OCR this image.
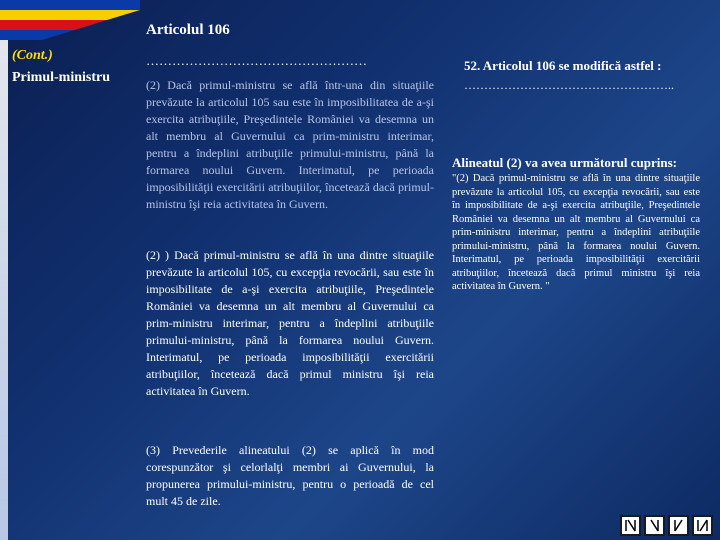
(Cont.)
Primul-ministru
Articolul 106
……………………………………………
(2) Dacă primul-ministru se află într-una din situaţiile prevăzute la articolul 105 sau este în imposibilitatea de a-şi exercita atribuţiile, Preşedintele României va desemna un alt membru al Guvernului ca prim-ministru interimar, pentru a îndeplini atribuţiile primului-ministru, până la formarea noului Guvern. Interimatul, pe perioada imposibilităţii exercitării atribuţiilor, încetează dacă primul-ministru îşi reia activitatea în Guvern.
(2) ) Dacă primul-ministru se află în una dintre situaţiile prevăzute la articolul 105, cu excepţia revocării, sau este în imposibilitate de a-şi exercita atribuţiile, Preşedintele României va desemna un alt membru al Guvernului ca prim-ministru interimar, pentru a îndeplini atribuţiile primului-ministru, până la formarea noului Guvern. Interimatul, pe perioada imposibilităţii exercitării atribuţiilor, încetează dacă primul ministru îşi reia activitatea în Guvern.
(3) Prevederile alineatului (2) se aplică în mod corespunzător şi celorlalţi membri ai Guvernului, la propunerea primului-ministru, pentru o perioadă de cel mult 45 de zile.
52. Articolul 106 se modifică astfel :
……………………………………………..
Alineatul (2) va avea următorul cuprins:
"(2) Dacă primul-ministru se află în una dintre situaţiile prevăzute la articolul 105, cu excepţia revocării, sau este în imposibilitate de a-şi exercita atribuţiile, Preşedintele României va desemna un alt membru al Guvernului ca prim-ministru interimar, pentru a îndeplini atribuţiile primului-ministru, până la formarea noului Guvern. Interimatul, pe perioada imposibilităţii exercitării atribuţiilor, încetează dacă primul ministru îşi reia activitatea în Guvern. "
